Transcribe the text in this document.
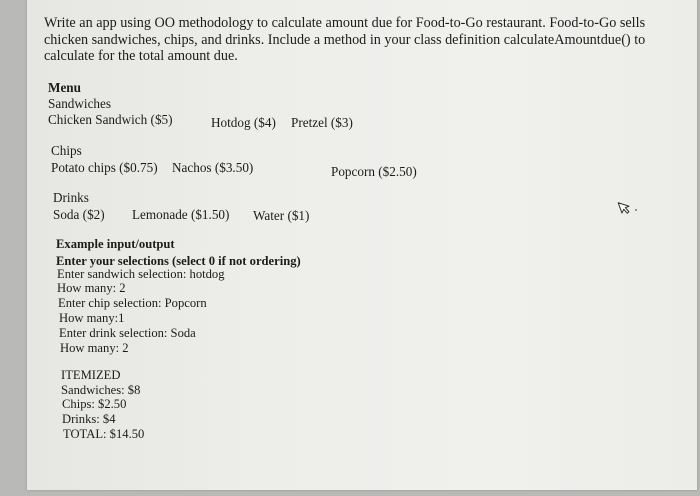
Write an app using OO methodology to calculate amount due for Food-to-Go restaurant. Food-to-Go sells
chicken sandwiches, chips, and drinks. Include a method in your class definition calculateAmountdue() to
calculate for the total amount due.
Menu
Sandwiches
Chicken Sandwich ($5)	Hotdog ($4) Pretzel ($3)
Chips
Potato chips ($0.75) Nachos ($3.50)	Popcorn ($2.50)
Drinks
Soda ($2) Lemonade ($1.50) Water ($1)
Example input/output
Enter your selections (select 0 if not ordering)
Enter sandwich selection: hotdog
How many: 2
Enter chip selection: Popcorn
How many:1
Enter drink selection: Soda
How many: 2
ITEMIZED
Sandwiches: $8
Chips: $2.50
Drinks: $4
TOTAL: $14.50
